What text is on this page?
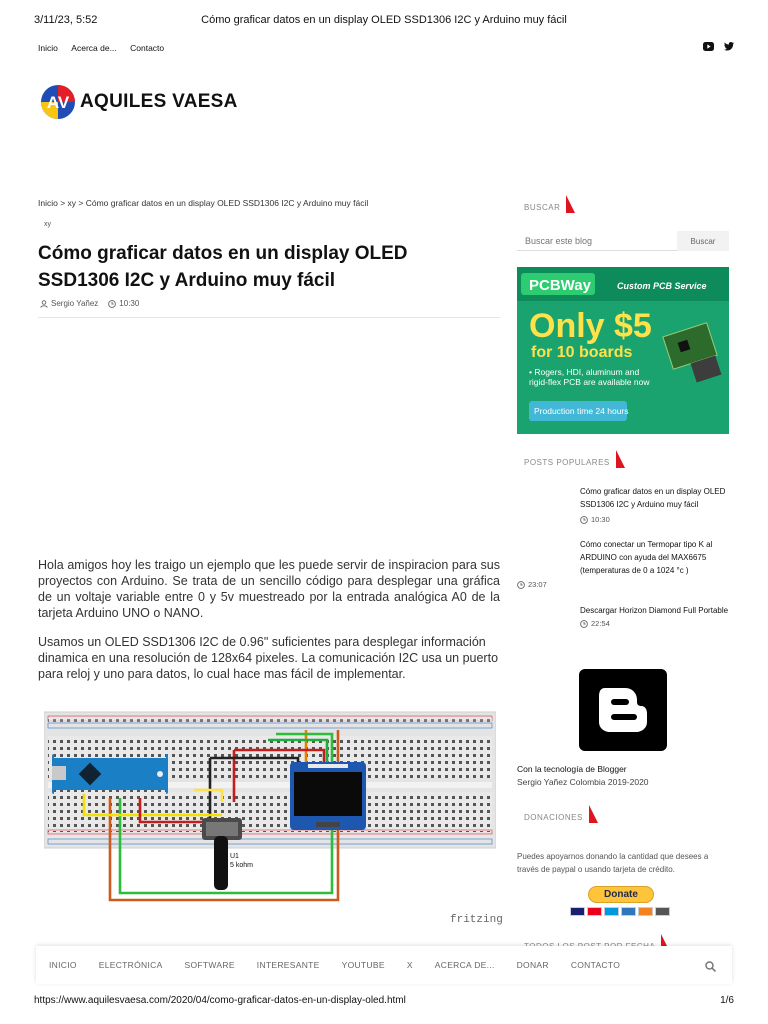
3/11/23, 5:52	Cómo graficar datos en un display OLED SSD1306 I2C y Arduino muy fácil
Inicio Acerca de... Contacto
AV AQUILES VAESA
Inicio > xy > Cómo graficar datos en un display OLED SSD1306 I2C y Arduino muy fácil
xy
Cómo graficar datos en un display OLED SSD1306 I2C y Arduino muy fácil
Sergio Yañez	10:30

Hola amigos hoy les traigo un ejemplo que les puede servir de inspiracion para sus proyectos con Arduino. Se trata de un sencillo código para desplegar una gráfica de un voltaje variable entre 0 y 5v muestreado por la entrada analógica A0 de la tarjeta Arduino UNO o NANO.

Usamos un OLED SSD1306 I2C de 0.96" suficientes para desplegar información dinamica en una resolución de 128x64 pixeles. La comunicación I2C usa un puerto para reloj y uno para datos, lo cual hace mas fácil de implementar.

U1
5 kohm
fritzing
BUSCAR
Buscar este blog
Buscar
PCBWay	Custom PCB Service
Only $5
for 10 boards
• Rogers, HDI, aluminum and
rigid-flex PCB are available now
Production time 24 hours
POSTS POPULARES
Cómo graficar datos en un display OLED SSD1306 I2C y Arduino muy fácil
10:30
Cómo conectar un Termopar tipo K al ARDUINO con ayuda del MAX6675 (temperaturas de 0 a 1024 °c )
23:07
Descargar Horizon Diamond Full Portable
22:54
Con la tecnología de Blogger
Sergio Yañez Colombia 2019-2020
DONACIONES
Puedes apoyarnos donando la cantidad que desees a través de paypal o usando tarjeta de crédito.
Donate
INICIO	ELECTRÓNICA	SOFTWARE	INTERESANTE	YOUTUBE	X	ACERCA DE...	DONAR	CONTACTO
https://www.aquilesvaesa.com/2020/04/como-graficar-datos-en-un-display-oled.html	1/6
